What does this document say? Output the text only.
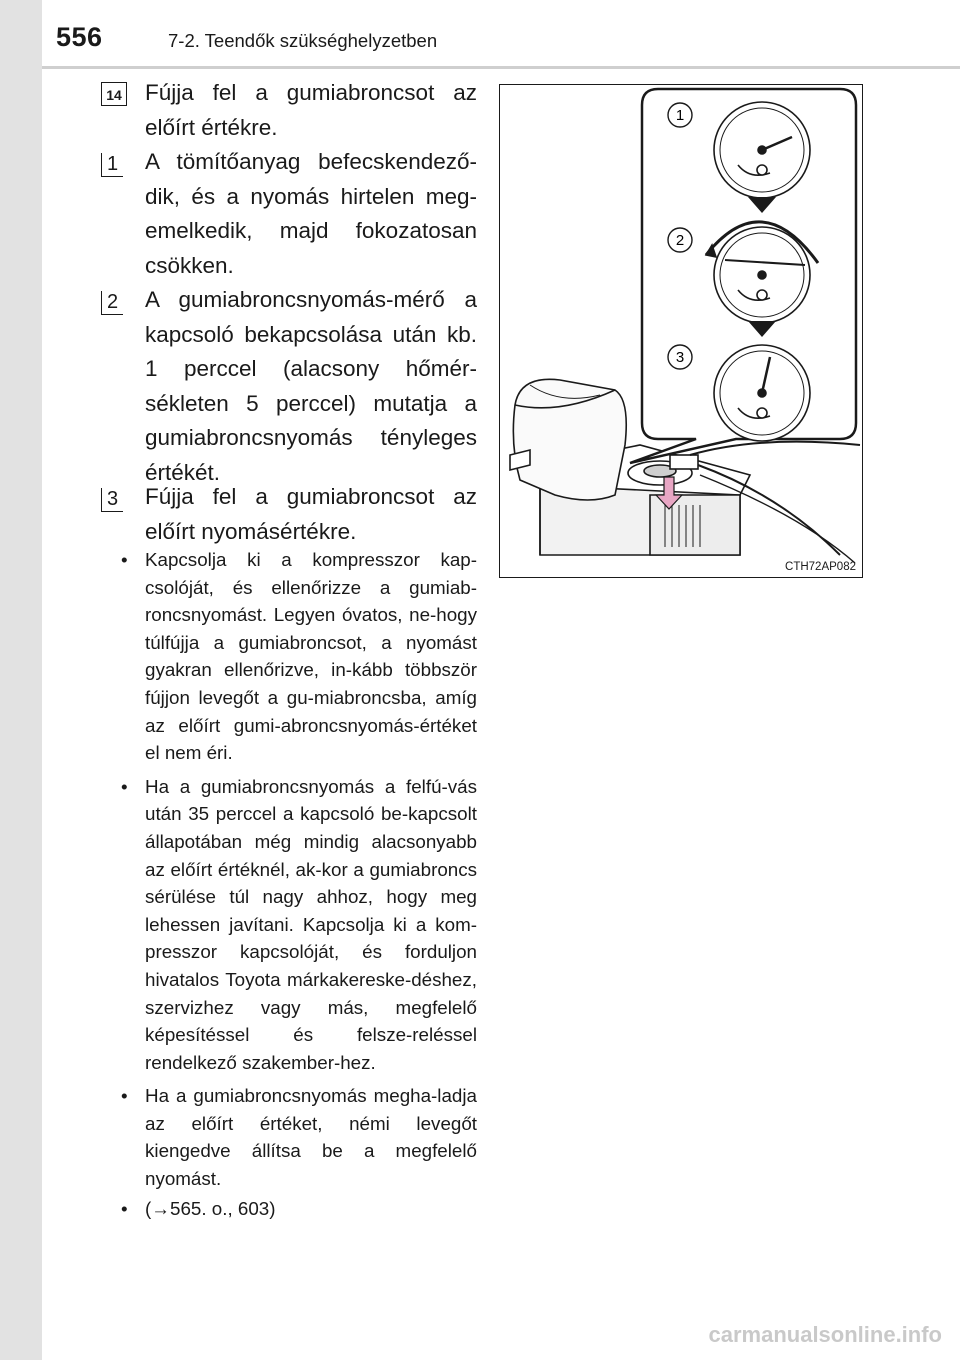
556	7-2. Teendők szükséghelyzetben
14 Fújja fel a gumiabroncsot az előírt értékre.
1 A tömítőanyag befecskendező-dik, és a nyomás hirtelen meg-emelkedik, majd fokozatosan csökken.
2 A gumiabroncsnyomás-mérő a kapcsoló bekapcsolása után kb. 1 perccel (alacsony hőmér-sékleten 5 perccel) mutatja a gumiabroncsnyomás tényleges értékét.
3 Fújja fel a gumiabroncsot az előírt nyomásértékre.
• Kapcsolja ki a kompresszor kap-csolóját, és ellenőrizze a gumiab-roncsnyomást. Legyen óvatos, ne-hogy túlfújja a gumiabroncsot, a nyomást gyakran ellenőrizve, in-kább többször fújjon levegőt a gu-miabroncsba, amíg az előírt gumi-abroncsnyomás-értéket el nem éri.
• Ha a gumiabroncsnyomás a felfú-vás után 35 perccel a kapcsoló be-kapcsolt állapotában még mindig alacsonyabb az előírt értéknél, ak-kor a gumiabroncs sérülése túl nagy ahhoz, hogy meg lehessen javítani. Kapcsolja ki a kom-presszor kapcsolóját, és forduljon hivatalos Toyota márkakereske-déshez, szervizhez vagy más, megfelelő képesítéssel és felsze-reléssel rendelkező szakember-hez.
• Ha a gumiabroncsnyomás megha-ladja az előírt értéket, némi levegőt kiengedve állítsa be a megfelelő nyomást.
• (→565. o., 603)
1
2
3
CTH72AP082
carmanualsonline.info
